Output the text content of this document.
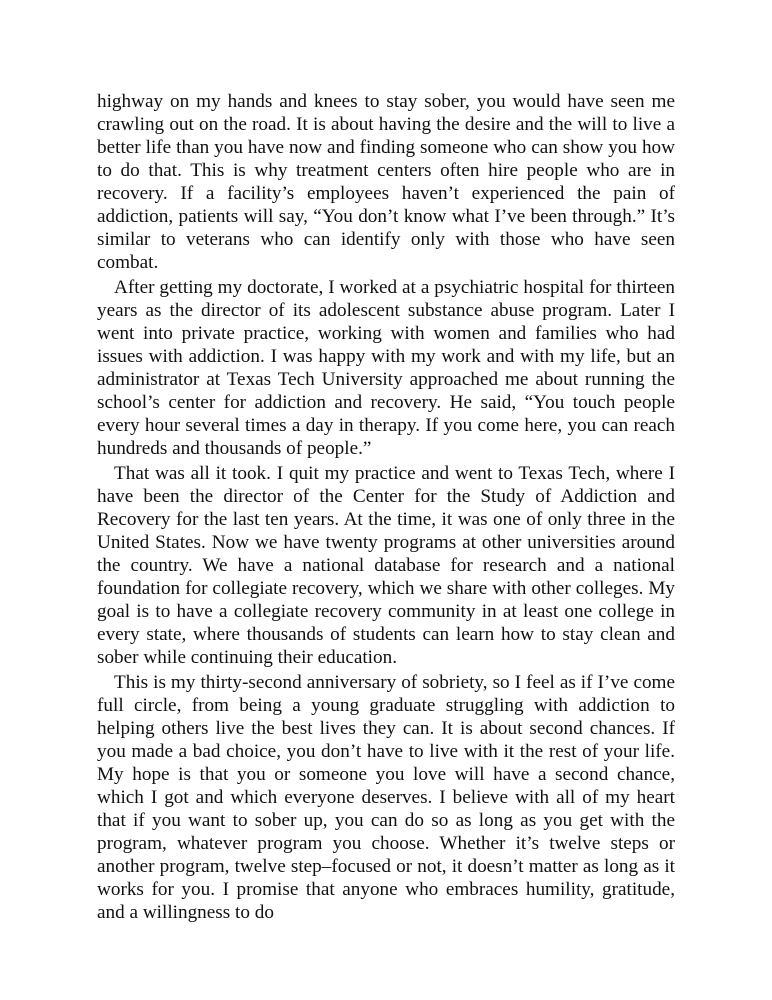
highway on my hands and knees to stay sober, you would have seen me crawling out on the road. It is about having the desire and the will to live a better life than you have now and finding someone who can show you how to do that. This is why treatment centers often hire people who are in recovery. If a facility’s employees haven’t experienced the pain of addiction, patients will say, “You don’t know what I’ve been through.” It’s similar to veterans who can identify only with those who have seen combat.

After getting my doctorate, I worked at a psychiatric hospital for thirteen years as the director of its adolescent substance abuse program. Later I went into private practice, working with women and families who had issues with addiction. I was happy with my work and with my life, but an administrator at Texas Tech University approached me about running the school’s center for addiction and recovery. He said, “You touch people every hour several times a day in therapy. If you come here, you can reach hundreds and thousands of people.”

That was all it took. I quit my practice and went to Texas Tech, where I have been the director of the Center for the Study of Addiction and Recovery for the last ten years. At the time, it was one of only three in the United States. Now we have twenty programs at other universities around the country. We have a national database for research and a national foundation for collegiate recovery, which we share with other colleges. My goal is to have a collegiate recovery community in at least one college in every state, where thousands of students can learn how to stay clean and sober while continuing their education.

This is my thirty-second anniversary of sobriety, so I feel as if I’ve come full circle, from being a young graduate struggling with addiction to helping others live the best lives they can. It is about second chances. If you made a bad choice, you don’t have to live with it the rest of your life. My hope is that you or someone you love will have a second chance, which I got and which everyone deserves. I believe with all of my heart that if you want to sober up, you can do so as long as you get with the program, whatever program you choose. Whether it’s twelve steps or another program, twelve step–focused or not, it doesn’t matter as long as it works for you. I promise that anyone who embraces humility, gratitude, and a willingness to do
